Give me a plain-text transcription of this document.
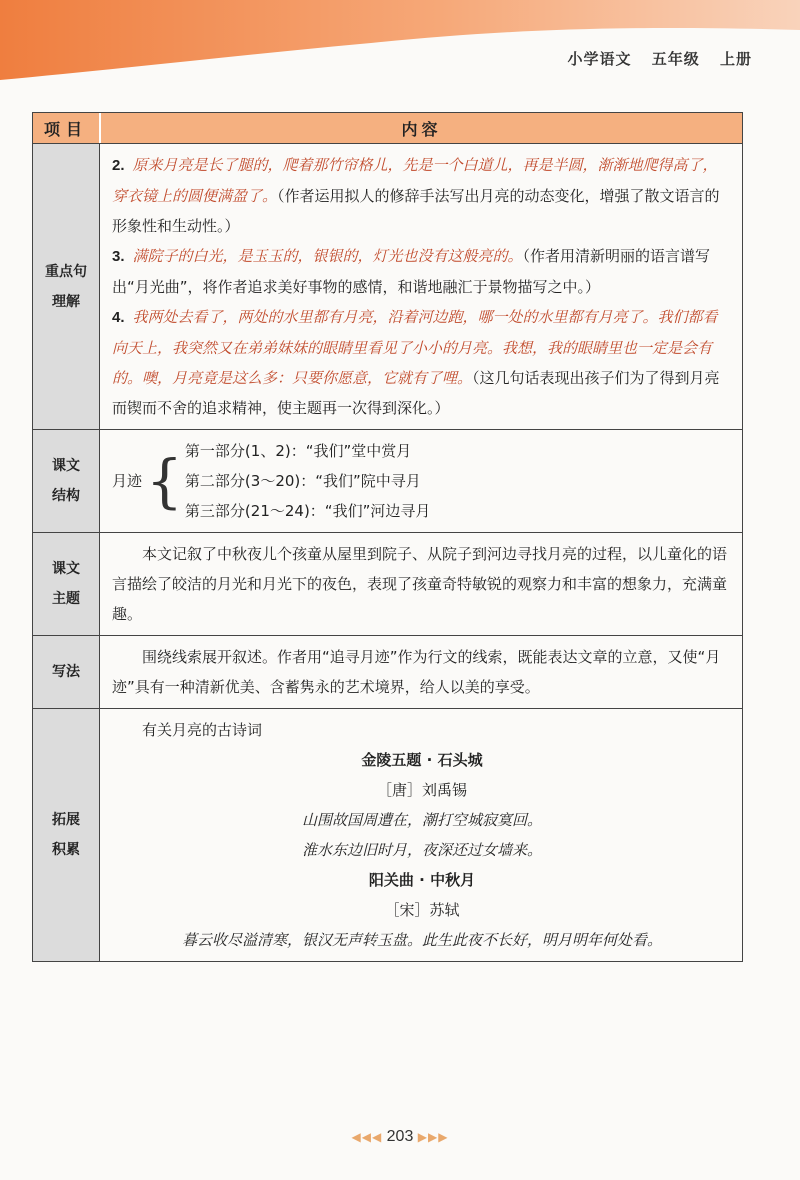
小学语文 五年级 上册
项目	内容
重点句
理解
2. 原来月亮是长了腿的，爬着那竹帘格儿，先是一个白道儿，再是半圆，渐渐地爬得高了，穿衣镜上的圆便满盈了。（作者运用拟人的修辞手法写出月亮的动态变化，增强了散文语言的形象性和生动性。）
3. 满院子的白光，是玉玉的，银银的，灯光也没有这般亮的。（作者用清新明丽的语言谱写出“月光曲”，将作者追求美好事物的感情，和谐地融汇于景物描写之中。）
4. 我两处去看了，两处的水里都有月亮，沿着河边跑，哪一处的水里都有月亮了。我们都看向天上，我突然又在弟弟妹妹的眼睛里看见了小小的月亮。我想，我的眼睛里也一定是会有的。噢，月亮竟是这么多：只要你愿意，它就有了哩。（这几句话表现出孩子们为了得到月亮而锲而不舍的追求精神，使主题再一次得到深化。）
课文
结构
月迹 { 第一部分(1、2)：“我们”堂中赏月
第二部分(3～20)：“我们”院中寻月
第三部分(21～24)：“我们”河边寻月
课文
主题
本文记叙了中秋夜儿个孩童从屋里到院子、从院子到河边寻找月亮的过程，以儿童化的语言描绘了皎洁的月光和月光下的夜色，表现了孩童奇特敏锐的观察力和丰富的想象力，充满童趣。
写法
围绕线索展开叙述。作者用“追寻月迹”作为行文的线索，既能表达文章的立意，又使“月迹”具有一种清新优美、含蓄隽永的艺术境界，给人以美的享受。
拓展
积累
有关月亮的古诗词
金陵五题 · 石头城
［唐］刘禹锡
山围故国周遭在，潮打空城寂寞回。
淮水东边旧时月，夜深还过女墙来。
阳关曲 · 中秋月
［宋］苏轼
暮云收尽溢清寒，银汉无声转玉盘。此生此夜不长好，明月明年何处看。
◀◀◀ 203 ▶▶▶
